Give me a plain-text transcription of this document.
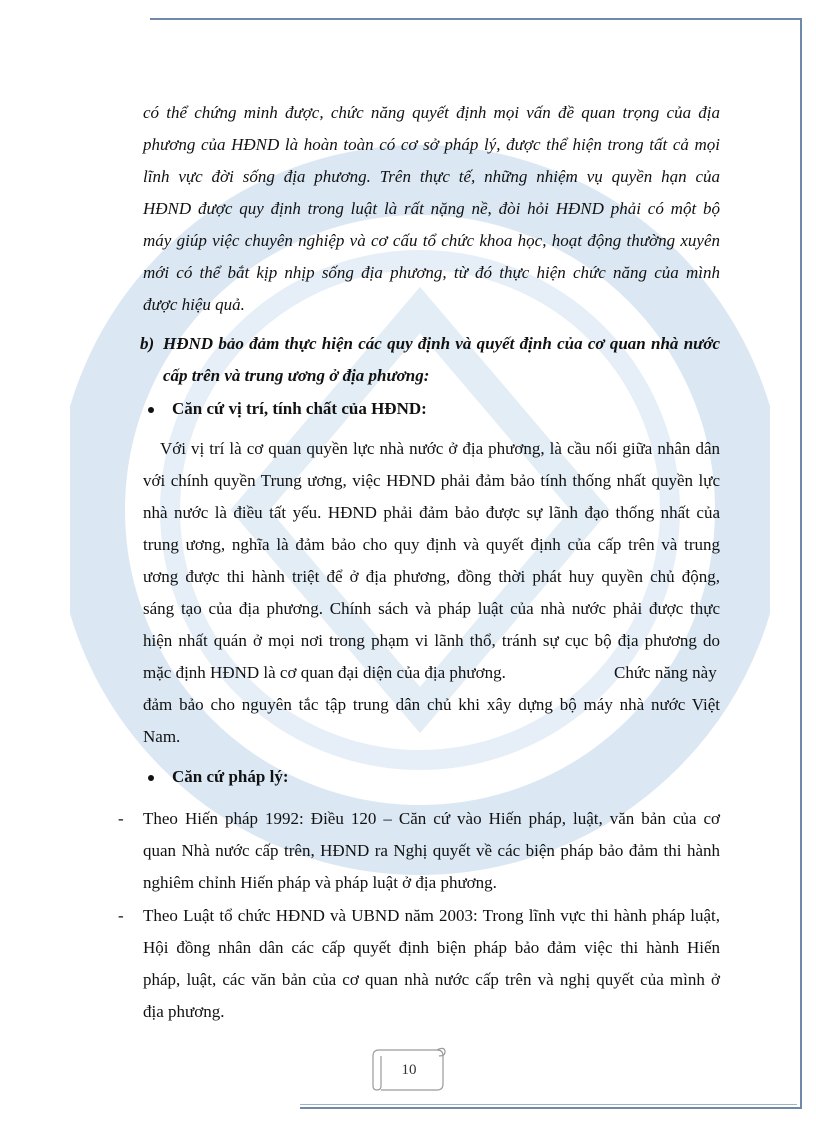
có thể chứng minh được, chức năng quyết định mọi vấn đề quan trọng của địa
phương của HĐND là hoàn toàn có cơ sở pháp lý, được thể hiện trong tất cả mọi
lĩnh vực đời sống địa phương. Trên thực tế, những nhiệm vụ quyền hạn của
HĐND được quy định trong luật là rất nặng nề, đòi hỏi HĐND phải có một bộ
máy giúp việc chuyên nghiệp và cơ cấu tổ chức khoa học, hoạt động thường xuyên
mới có thể bắt kịp nhịp sống địa phương, từ đó thực hiện chức năng của mình
được hiệu quả.
b) HĐND bảo đảm thực hiện các quy định và quyết định của cơ quan nhà nước
cấp trên và trung ương ở địa phương:
Căn cứ vị trí, tính chất của HĐND:
Với vị trí là cơ quan quyền lực nhà nước ở địa phương, là cầu nối giữa nhân dân
với chính quyền Trung ương, việc HĐND phải đảm bảo tính thống nhất quyền lực
nhà nước là điều tất yếu. HĐND phải đảm bảo được sự lãnh đạo thống nhất của
trung ương, nghĩa là đảm bảo cho quy định và quyết định của cấp trên và trung
ương được thi hành triệt để ở địa phương, đồng thời phát huy quyền chủ động,
sáng tạo của địa phương. Chính sách và pháp luật của nhà nước phải được thực
hiện nhất quán ở mọi nơi trong phạm vi lãnh thổ, tránh sự cục bộ địa phương do
mặc định HĐND là cơ quan đại diện của địa phương.	Chức năng này
đảm bảo cho nguyên tắc tập trung dân chủ khi xây dựng bộ máy nhà nước Việt
Nam.
Căn cứ pháp lý:
- Theo Hiến pháp 1992: Điều 120 – Căn cứ vào Hiến pháp, luật, văn bản của cơ
quan Nhà nước cấp trên, HĐND ra Nghị quyết về các biện pháp bảo đảm thi hành
nghiêm chỉnh Hiến pháp và pháp luật ở địa phương.
- Theo Luật tổ chức HĐND và UBND năm 2003: Trong lĩnh vực thi hành pháp luật,
Hội đồng nhân dân các cấp quyết định biện pháp bảo đảm việc thi hành Hiến
pháp, luật, các văn bản của cơ quan nhà nước cấp trên và nghị quyết của mình ở
địa phương.
10
